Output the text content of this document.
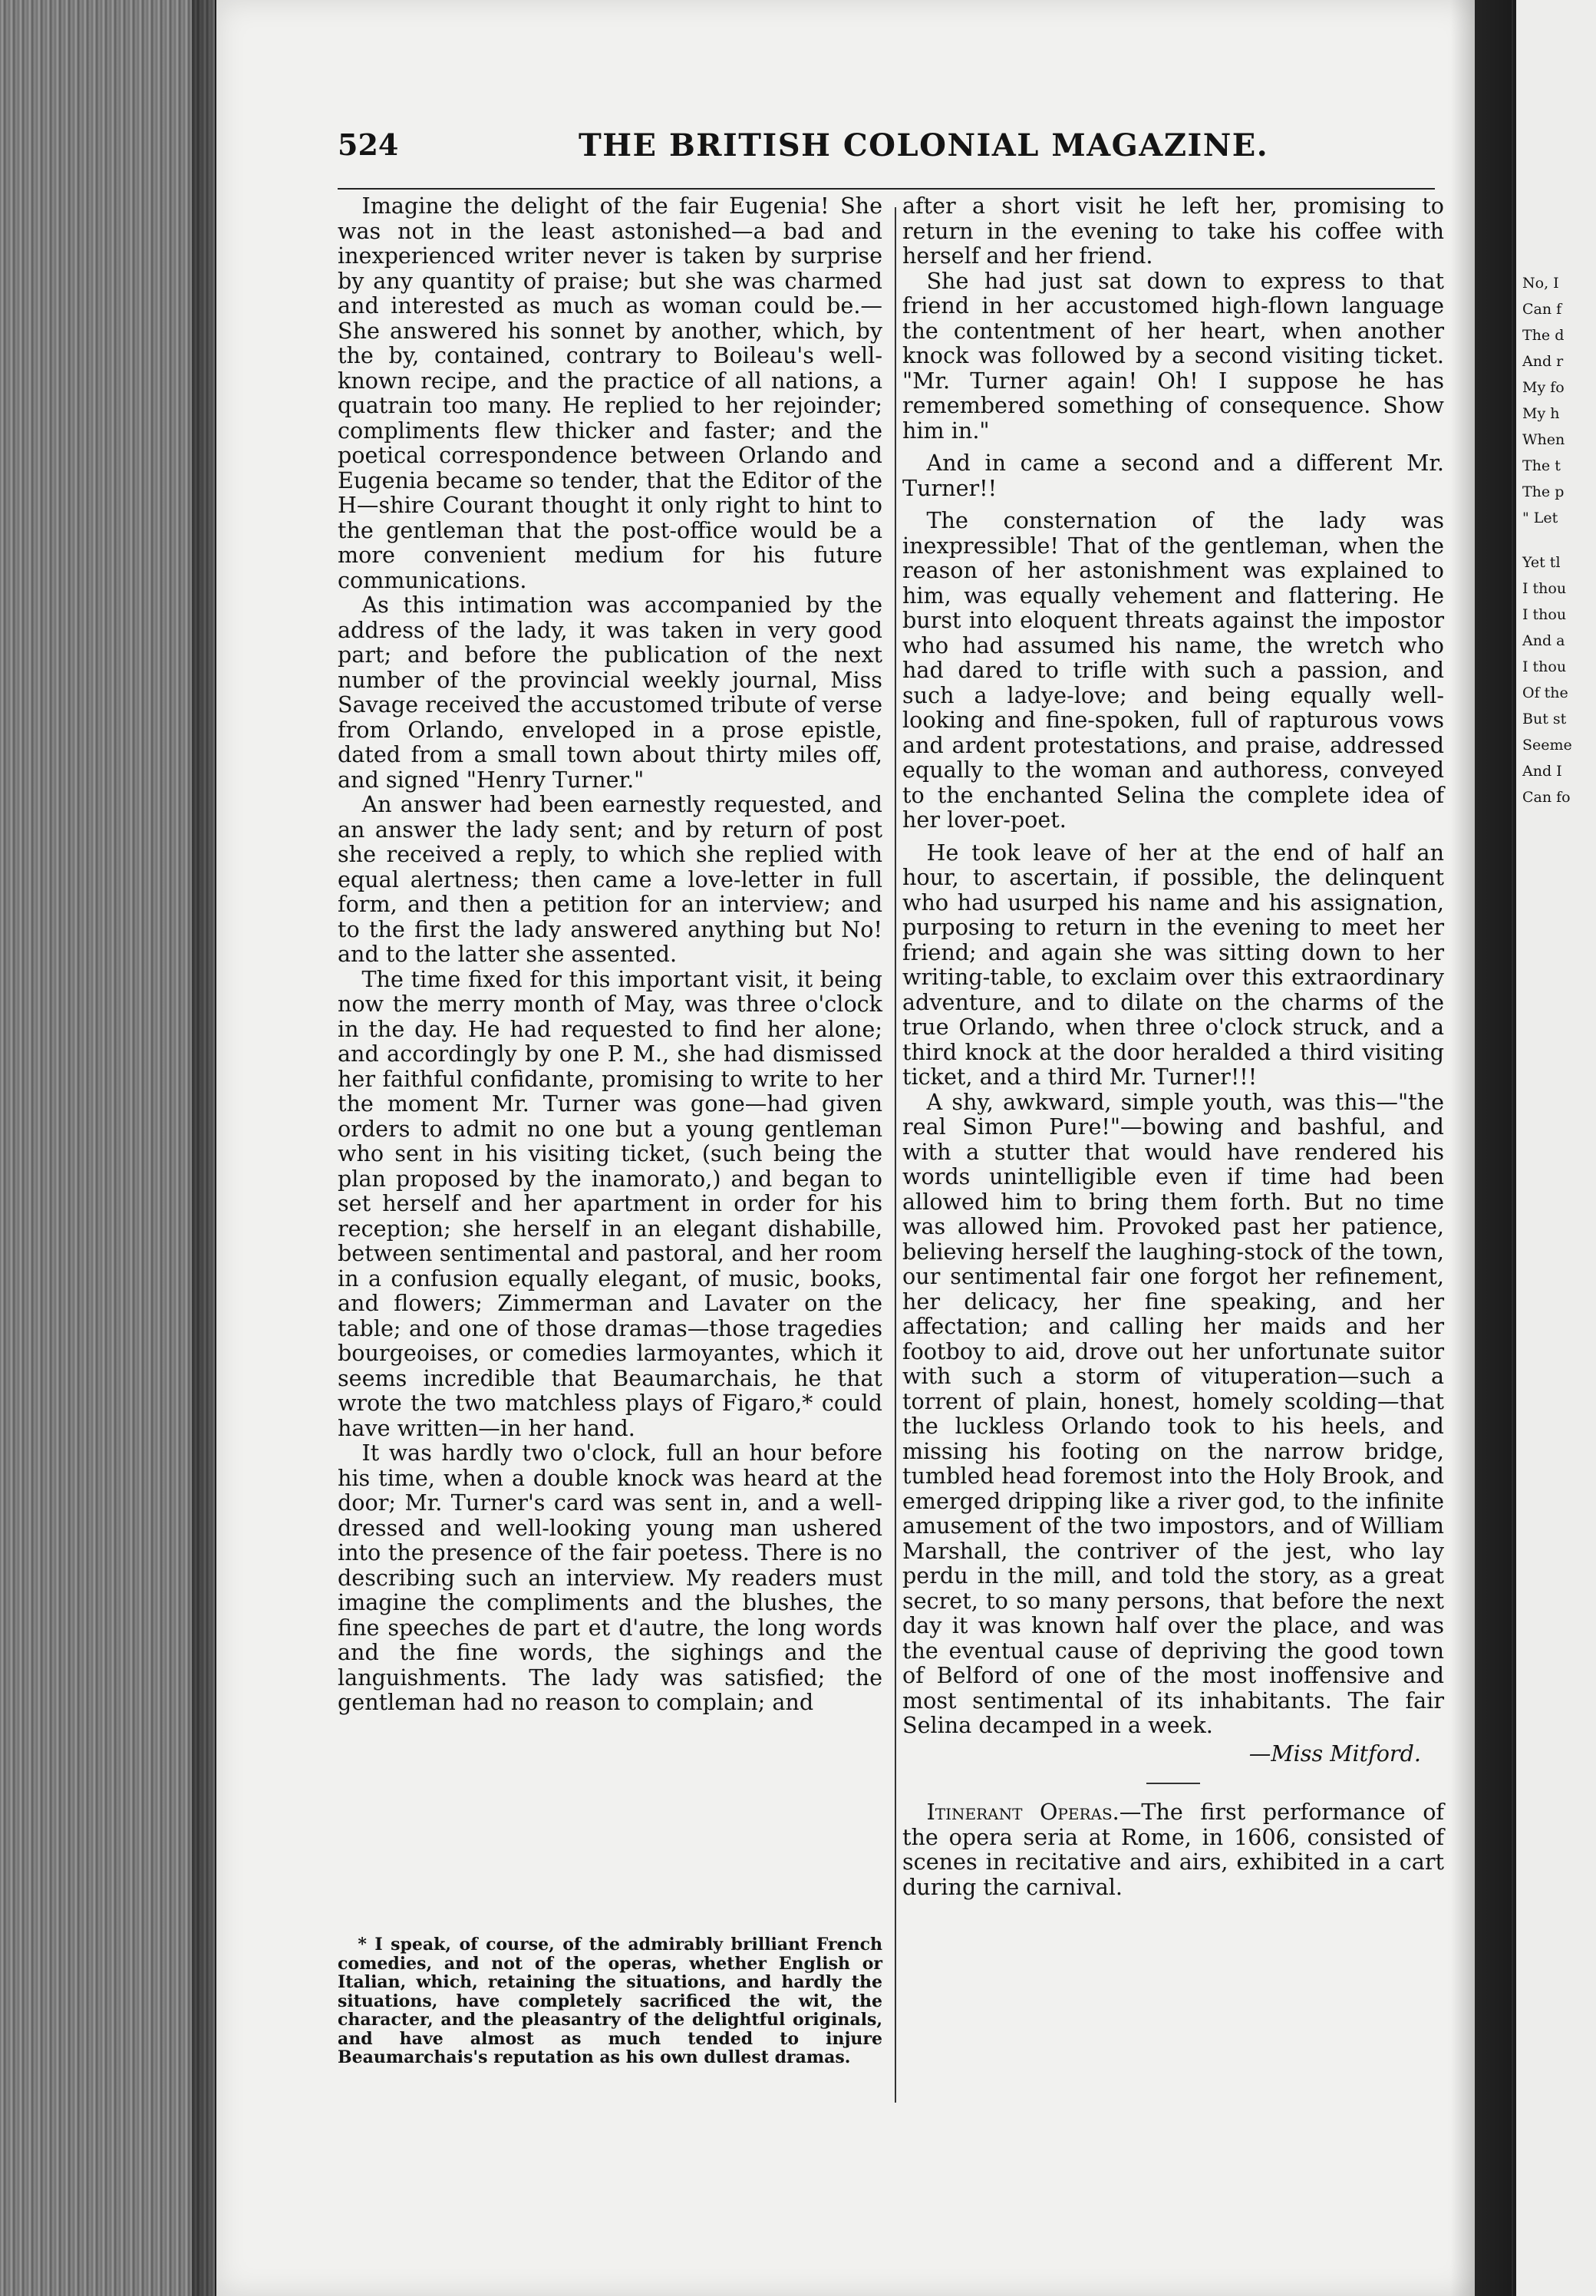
No, I
Can f
The d
And r
My fo
My h
When
The t
The p
" Let
Yet tl
I thou
I thou
And a
I thou
Of the
But st
Seeme
And I
Can fo
524	THE BRITISH COLONIAL MAGAZINE.

Imagine the delight of the fair Eugenia! She was not in the least astonished—a bad and inexperienced writer never is taken by surprise by any quantity of praise; but she was charmed and interested as much as woman could be.—She answered his sonnet by another, which, by the by, contained, contrary to Boileau's well-known recipe, and the practice of all nations, a quatrain too many. He replied to her rejoinder; compliments flew thicker and faster; and the poetical correspondence between Orlando and Eugenia became so tender, that the Editor of the H—shire Courant thought it only right to hint to the gentleman that the post-office would be a more convenient medium for his future communications.

As this intimation was accompanied by the address of the lady, it was taken in very good part; and before the publication of the next number of the provincial weekly journal, Miss Savage received the accustomed tribute of verse from Orlando, enveloped in a prose epistle, dated from a small town about thirty miles off, and signed "Henry Turner."

An answer had been earnestly requested, and an answer the lady sent; and by return of post she received a reply, to which she replied with equal alertness; then came a love-letter in full form, and then a petition for an interview; and to the first the lady answered anything but No! and to the latter she assented.

The time fixed for this important visit, it being now the merry month of May, was three o'clock in the day. He had requested to find her alone; and accordingly by one P. M., she had dismissed her faithful confidante, promising to write to her the moment Mr. Turner was gone—had given orders to admit no one but a young gentleman who sent in his visiting ticket, (such being the plan proposed by the inamorato,) and began to set herself and her apartment in order for his reception; she herself in an elegant dishabille, between sentimental and pastoral, and her room in a confusion equally elegant, of music, books, and flowers; Zimmerman and Lavater on the table; and one of those dramas—those tragedies bourgeoises, or comedies larmoyantes, which it seems incredible that Beaumarchais, he that wrote the two matchless plays of Figaro,* could have written—in her hand.

It was hardly two o'clock, full an hour before his time, when a double knock was heard at the door; Mr. Turner's card was sent in, and a well-dressed and well-looking young man ushered into the presence of the fair poetess. There is no describing such an interview. My readers must imagine the compliments and the blushes, the fine speeches de part et d'autre, the long words and the fine words, the sighings and the languishments. The lady was satisfied; the gentleman had no reason to complain; and

* I speak, of course, of the admirably brilliant French comedies, and not of the operas, whether English or Italian, which, retaining the situations, and hardly the situations, have completely sacrificed the wit, the character, and the pleasantry of the delightful originals, and have almost as much tended to injure Beaumarchais's reputation as his own dullest dramas.

after a short visit he left her, promising to return in the evening to take his coffee with herself and her friend.

She had just sat down to express to that friend in her accustomed high-flown language the contentment of her heart, when another knock was followed by a second visiting ticket. "Mr. Turner again! Oh! I suppose he has remembered something of consequence. Show him in."

And in came a second and a different Mr. Turner!!

The consternation of the lady was inexpressible! That of the gentleman, when the reason of her astonishment was explained to him, was equally vehement and flattering. He burst into eloquent threats against the impostor who had assumed his name, the wretch who had dared to trifle with such a passion, and such a ladye-love; and being equally well-looking and fine-spoken, full of rapturous vows and ardent protestations, and praise, addressed equally to the woman and authoress, conveyed to the enchanted Selina the complete idea of her lover-poet.

He took leave of her at the end of half an hour, to ascertain, if possible, the delinquent who had usurped his name and his assignation, purposing to return in the evening to meet her friend; and again she was sitting down to her writing-table, to exclaim over this extraordinary adventure, and to dilate on the charms of the true Orlando, when three o'clock struck, and a third knock at the door heralded a third visiting ticket, and a third Mr. Turner!!!

A shy, awkward, simple youth, was this—"the real Simon Pure!"—bowing and bashful, and with a stutter that would have rendered his words unintelligible even if time had been allowed him to bring them forth. But no time was allowed him. Provoked past her patience, believing herself the laughing-stock of the town, our sentimental fair one forgot her refinement, her delicacy, her fine speaking, and her affectation; and calling her maids and her footboy to aid, drove out her unfortunate suitor with such a storm of vituperation—such a torrent of plain, honest, homely scolding—that the luckless Orlando took to his heels, and missing his footing on the narrow bridge, tumbled head foremost into the Holy Brook, and emerged dripping like a river god, to the infinite amusement of the two impostors, and of William Marshall, the contriver of the jest, who lay perdu in the mill, and told the story, as a great secret, to so many persons, that before the next day it was known half over the place, and was the eventual cause of depriving the good town of Belford of one of the most inoffensive and most sentimental of its inhabitants. The fair Selina decamped in a week.

—Miss Mitford.

Itinerant Operas.—The first performance of the opera seria at Rome, in 1606, consisted of scenes in recitative and airs, exhibited in a cart during the carnival.
